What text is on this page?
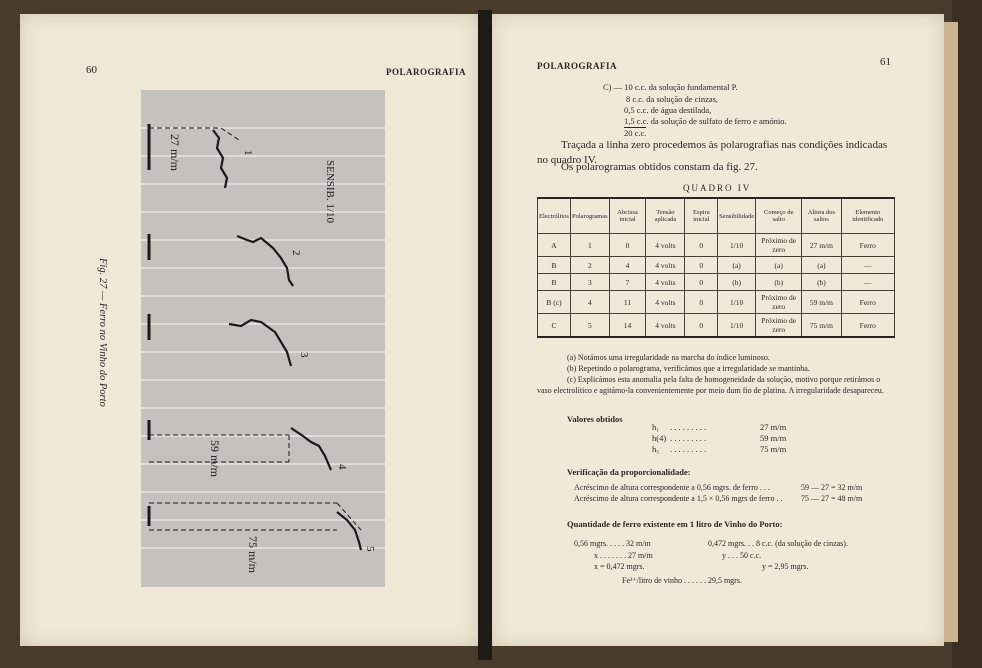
60	POLAROGRAFIA
1
2
3
4
5
27 m/m
59 m/m
75 m/m
SENSIB. 1/10
Fig. 27 — Ferro no Vinho do Porto
POLAROGRAFIA	61
C) — 10 c.c. da solução fundamental P.
8 c.c. da solução de cinzas,
0,5 c.c. de água destilada,
1,5 c.c. da solução de sulfato de ferro e amónio.
20 c.c.
Traçada a linha zero procedemos às polarografias nas condições indicadas no quadro IV.
Os polarogramas obtidos constam da fig. 27.
QUADRO IV
Electrólitos	Polarogramas	Abcissa inicial	Tensão aplicada	Espira inicial	Sensibilidade	Começo de salto	Altura dos saltos	Elemento identificado
A	1	0	4 volts	0	1/10	Próximo de zero	27 m/m	Ferro
B	2	4	4 volts	0	(a)	(a)	(a)	—
B	3	7	4 volts	0	(b)	(b)	(b)	—
B (c)	4	11	4 volts	0	1/10	Próximo de zero	59 m/m	Ferro
C	5	14	4 volts	0	1/10	Próximo de zero	75 m/m	Ferro
(a) Notámos uma irregularidade na marcha do índice luminoso.
(b) Repetindo o polarograma, verificámos que a irregularidade se mantinha.
(c) Explicámos esta anomalia pela falta de homogeneidade da solução, motivo porque retirámos o vaso electrolítico e agitámo-la convenientemente por meio dum fio de platina. A irregularidade desapareceu.
Valores obtidos
h₁ . . . . . . . . .	27 m/m
h(4) . . . . . . . . .	59 m/m
h₅ . . . . . . . . .	75 m/m
Verificação da proporcionalidade:
Acréscimo de altura correspondente a 0,56 mgrs. de ferro . . .	59 — 27 = 32 m/m
Acréscimo de altura correspondente a 1,5 × 0,56 mgrs de ferro . . 75 — 27 = 48 m/m
Quantidade de ferro existente em 1 litro de Vinho do Porto:
0,56 mgrs. . . . . 32 m/m	0,472 mgrs. . . 8 c.c. (da solução de cinzas).
x . . . . . . . 27 m/m	y . . . 50 c.c.
x = 0,472 mgrs.	y = 2,95 mgrs.
Fe³⁺/litro de vinho . . . . . . 29,5 mgrs.
